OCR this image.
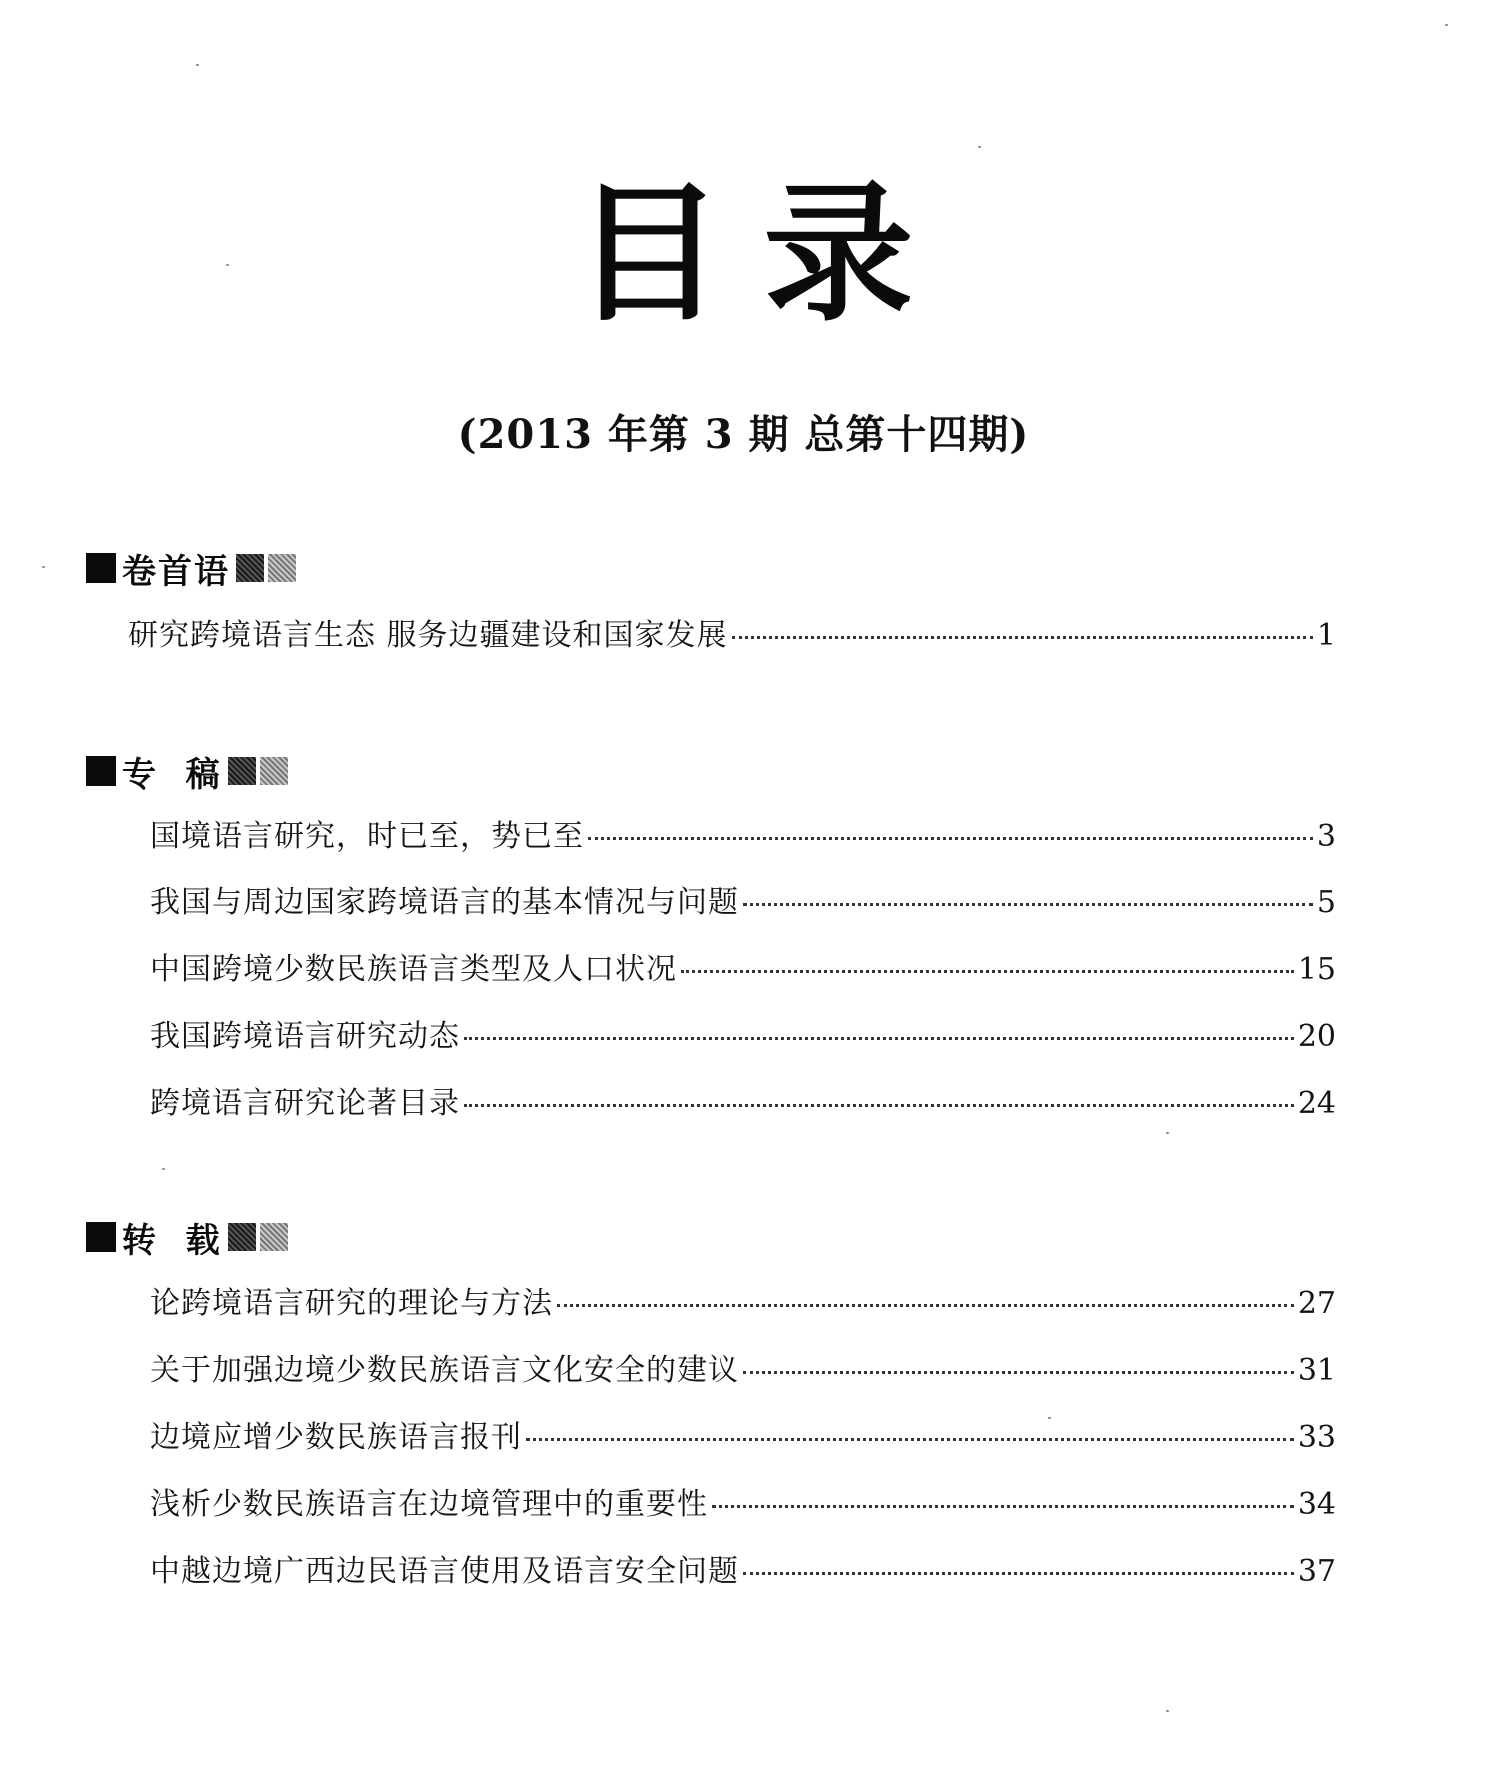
目录
(2013 年第 3 期 总第十四期)
卷首语
研究跨境语言生态 服务边疆建设和国家发展	1
专  稿
国境语言研究，时已至，势已至	3
我国与周边国家跨境语言的基本情况与问题	5
中国跨境少数民族语言类型及人口状况	15
我国跨境语言研究动态	20
跨境语言研究论著目录	24
转  载
论跨境语言研究的理论与方法	27
关于加强边境少数民族语言文化安全的建议	31
边境应增少数民族语言报刊	33
浅析少数民族语言在边境管理中的重要性	34
中越边境广西边民语言使用及语言安全问题	37
